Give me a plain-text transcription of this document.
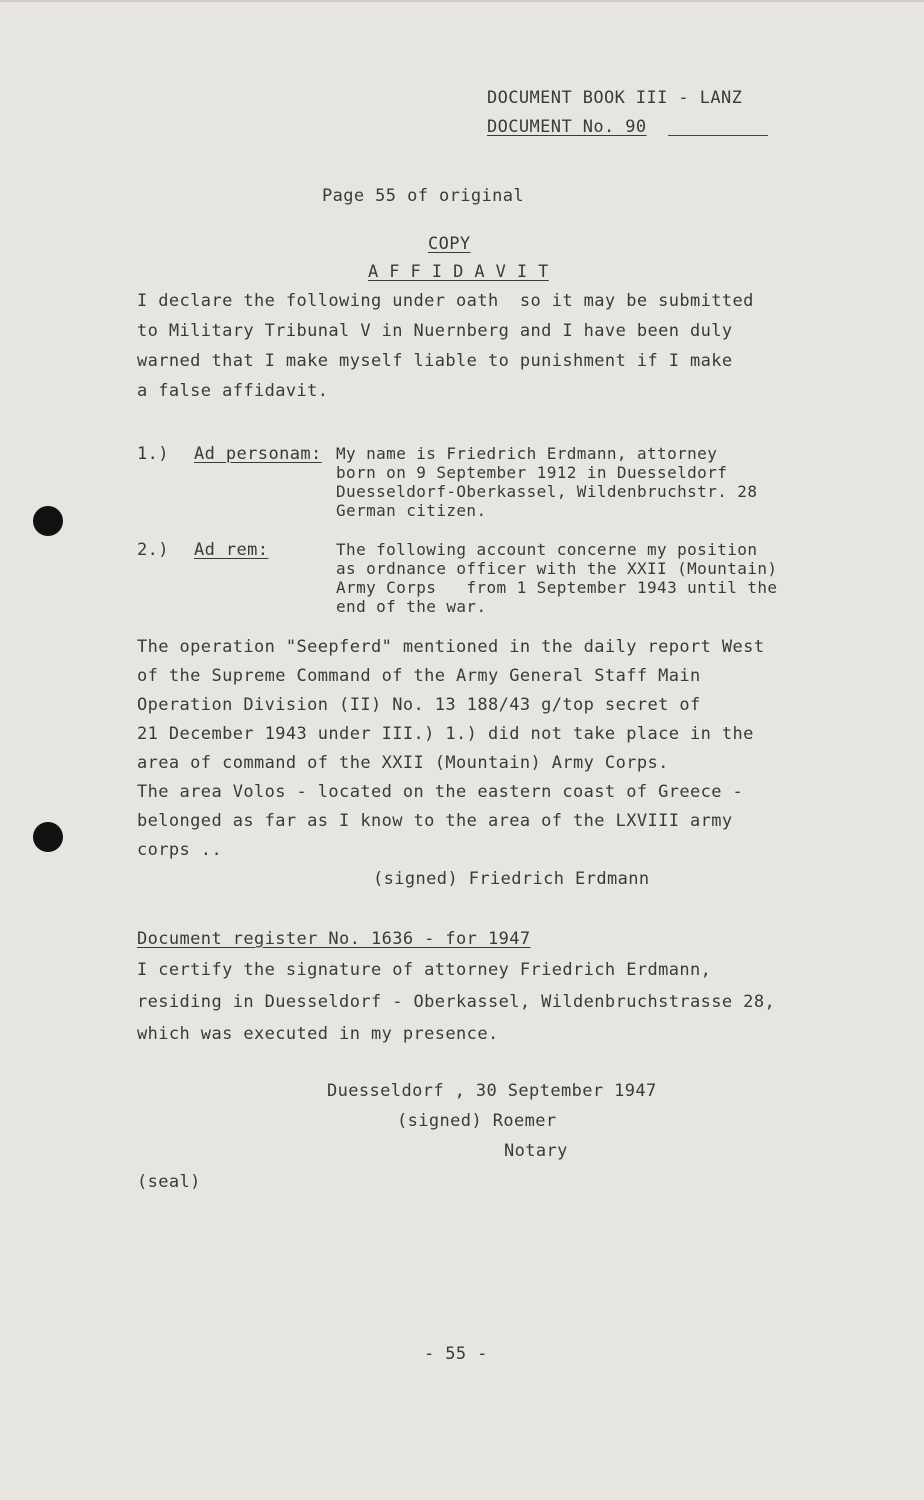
DOCUMENT BOOK III - LANZ
DOCUMENT No. 90
Page 55 of original
COPY
A F F I D A V I T
I declare the following under oath  so it may be submitted
to Military Tribunal V in Nuernberg and I have been duly
warned that I make myself liable to punishment if I make
a false affidavit.
1.) Ad personam: My name is Friedrich Erdmann, attorney
born on 9 September 1912 in Duesseldorf
Duesseldorf-Oberkassel, Wildenbruchstr. 28
German citizen.
2.) Ad rem:	The following account concerne my position
as ordnance officer with the XXII (Mountain)
Army Corps   from 1 September 1943 until the
end of the war.
The operation "Seepferd" mentioned in the daily report West
of the Supreme Command of the Army General Staff Main
Operation Division (II) No. 13 188/43 g/top secret of
21 December 1943 under III.) 1.) did not take place in the
area of command of the XXII (Mountain) Army Corps.
The area Volos - located on the eastern coast of Greece -
belonged as far as I know to the area of the LXVIII army
corps ..
(signed) Friedrich Erdmann
Document register No. 1636 - for 1947
I certify the signature of attorney Friedrich Erdmann,
residing in Duesseldorf - Oberkassel, Wildenbruchstrasse 28,
which was executed in my presence.
Duesseldorf , 30 September 1947
(signed) Roemer
Notary
(seal)
- 55 -
